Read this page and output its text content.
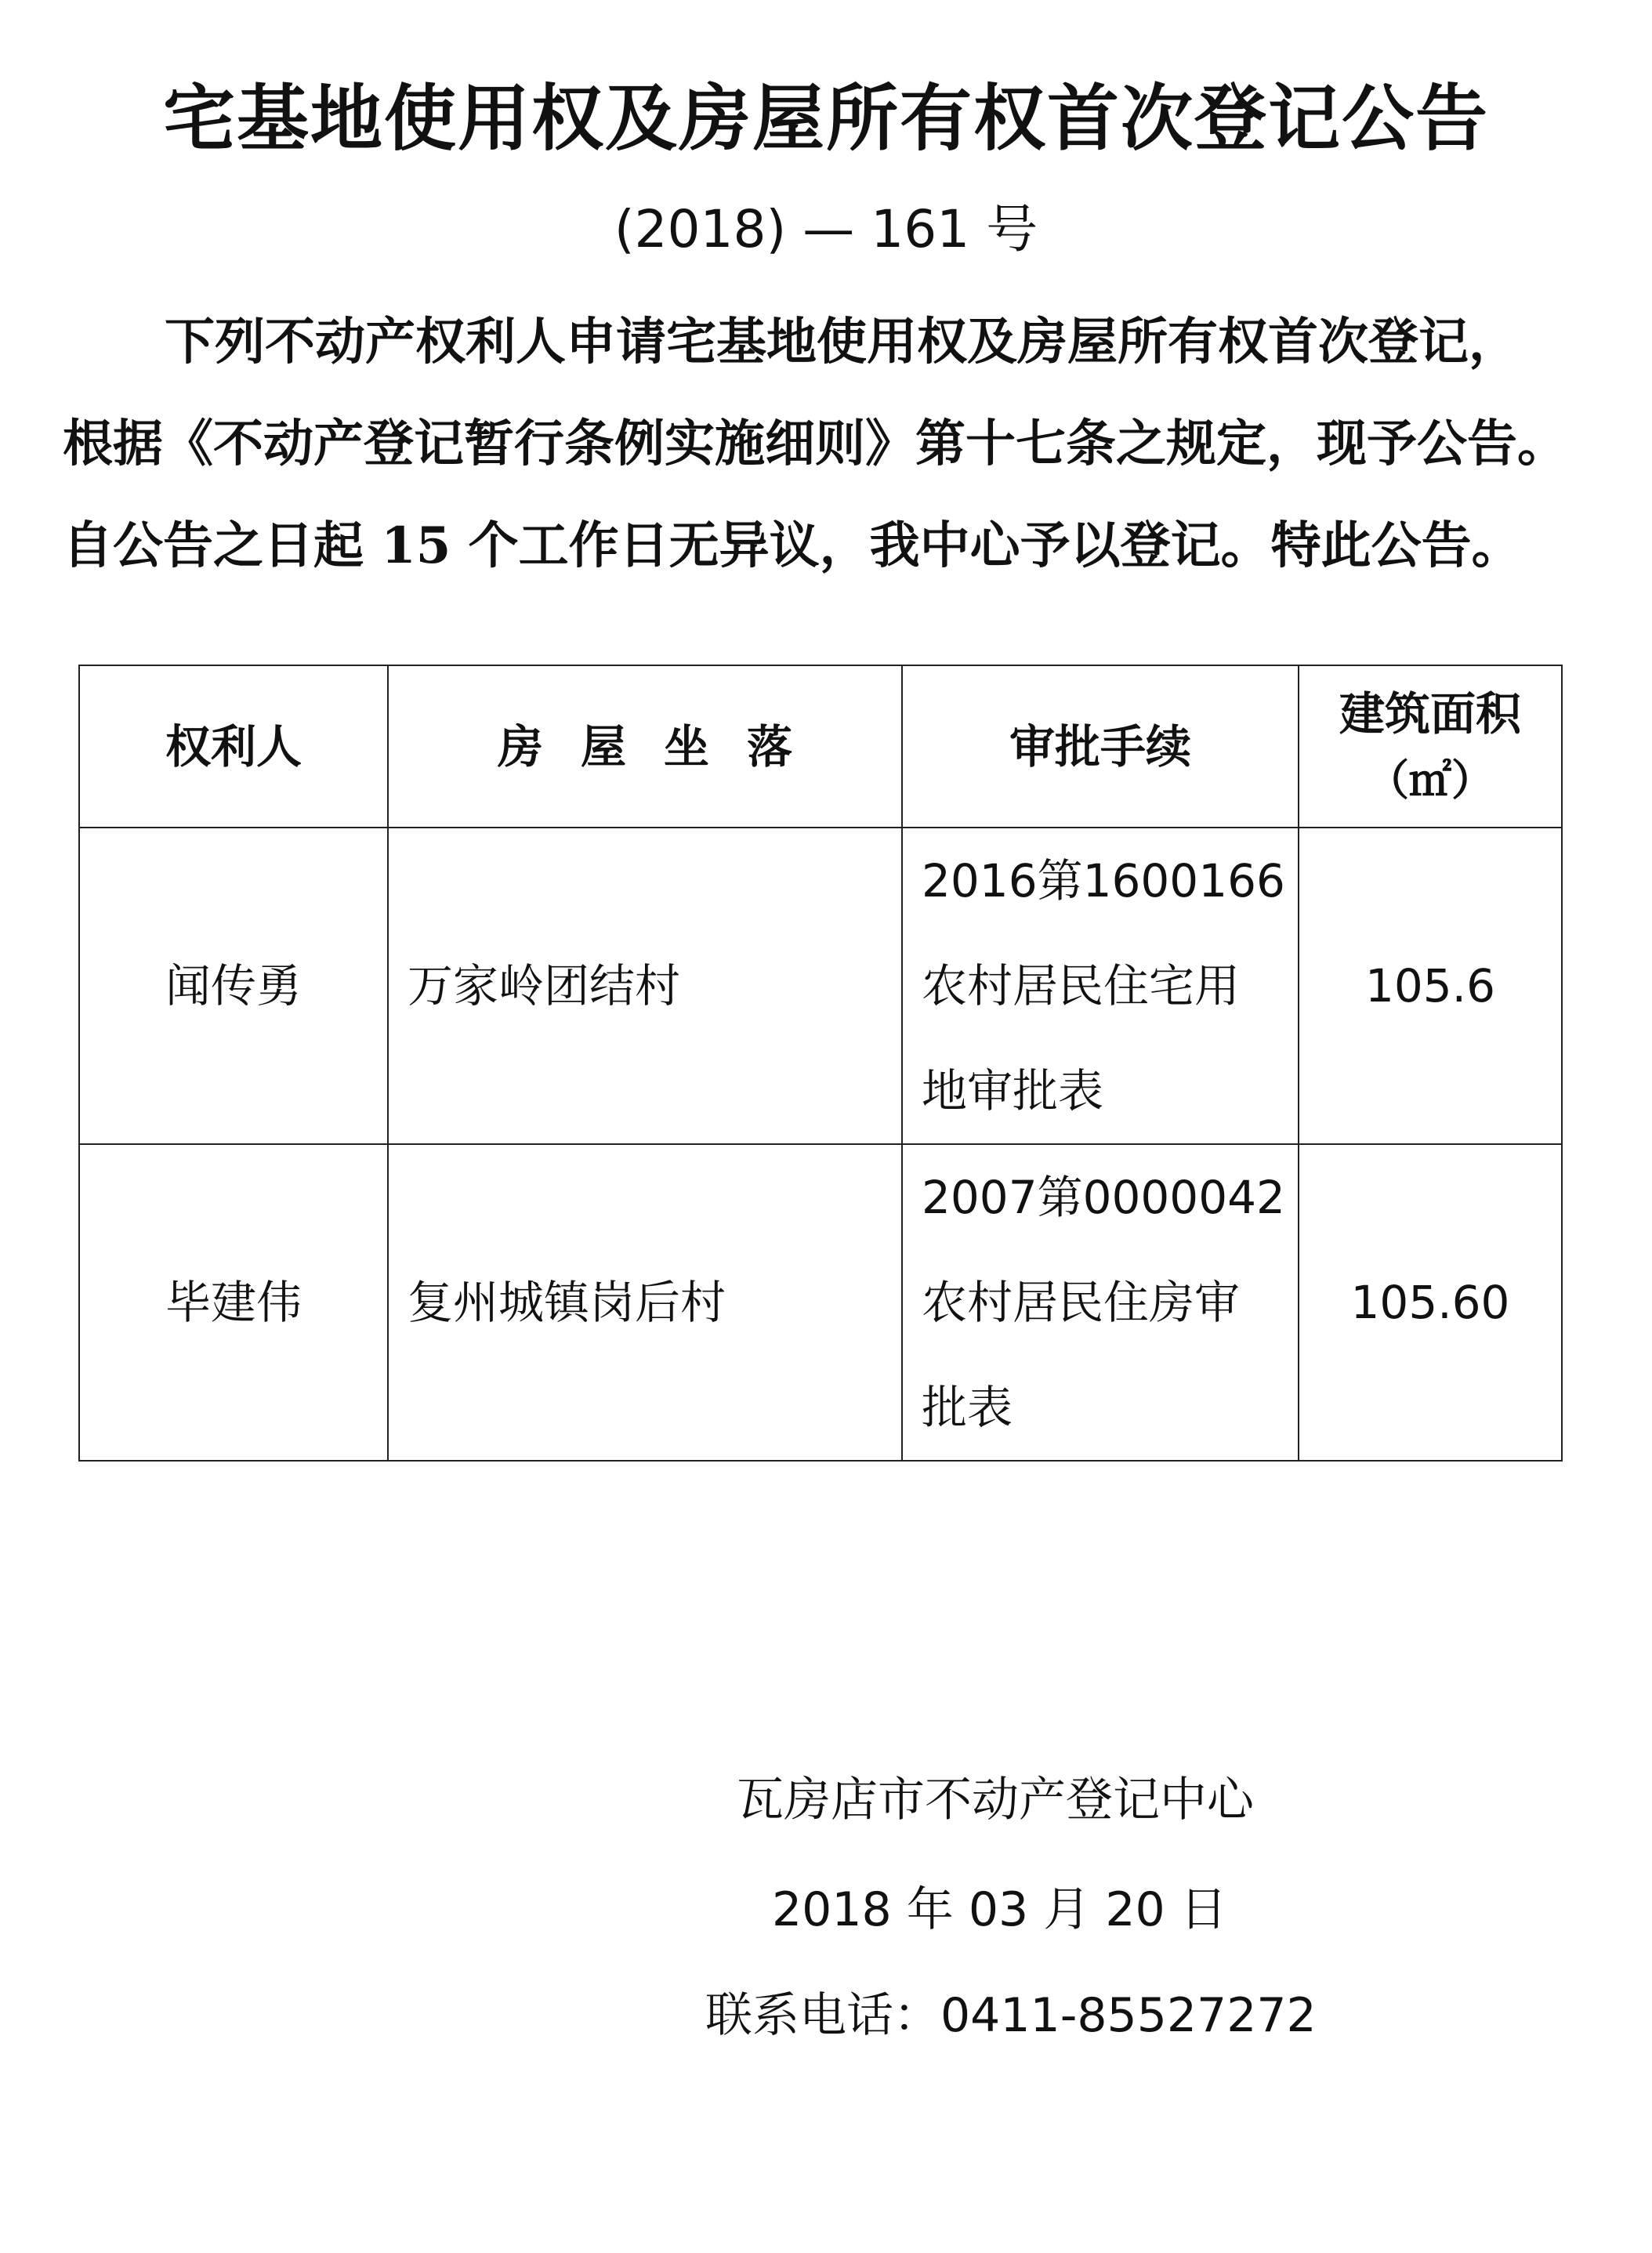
宅基地使用权及房屋所有权首次登记公告
(2018) — 161 号
下列不动产权利人申请宅基地使用权及房屋所有权首次登记，
根据《不动产登记暂行条例实施细则》第十七条之规定，现予公告。
自公告之日起 15 个工作日无异议，我中心予以登记。特此公告。
权利人	房屋坐落	审批手续	建筑面积
（㎡）

闻传勇	万家岭团结村	2016第1600166
农村居民住宅用
地审批表	105.6
毕建伟	复州城镇岗后村	2007第0000042
农村居民住房审
批表	105.60
瓦房店市不动产登记中心
2018 年 03 月 20 日
联系电话：0411-85527272
